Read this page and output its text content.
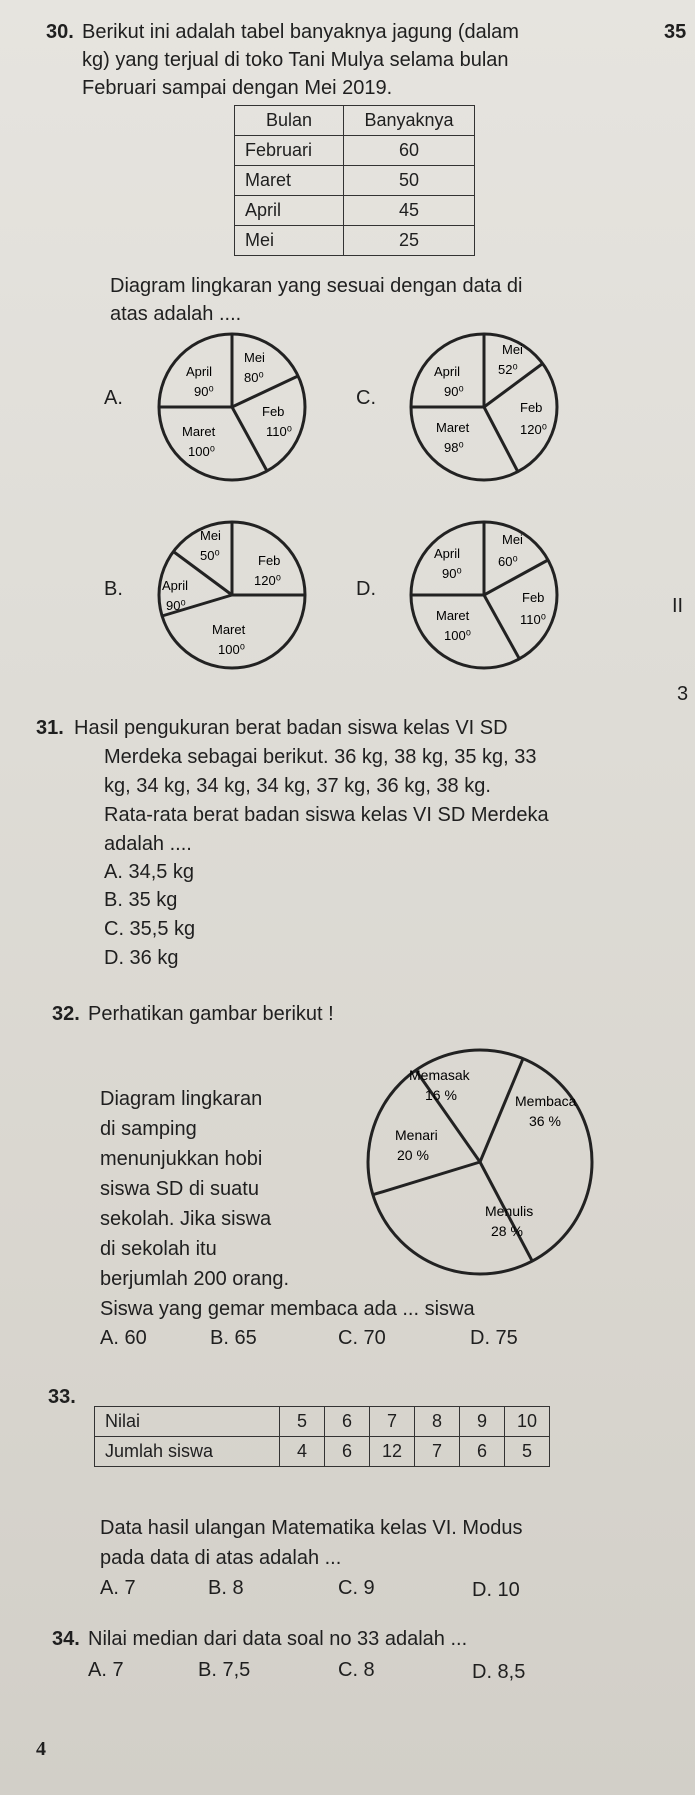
35
30. Berikut ini adalah tabel banyaknya jagung (dalam
kg) yang terjual di toko Tani Mulya selama bulan
Februari sampai dengan Mei 2019.
Bulan	Banyaknya
Februari	60
Maret	50
April	45
Mei	25
Diagram lingkaran yang sesuai dengan data di
atas adalah ....
A.
Mei
80⁰
April
90⁰
Feb
110⁰
Maret
100⁰
C.
Mei
52⁰
April
90⁰
Feb
120⁰
Maret
98⁰
B.
Mei
50⁰	Feb
120⁰
April
90⁰
Maret
100⁰
D.
April
90⁰
Mei
60⁰
Feb
110⁰
Maret
100⁰
II
3
31. Hasil pengukuran berat badan siswa kelas VI SD
Merdeka sebagai berikut. 36 kg, 38 kg, 35 kg, 33
kg, 34 kg, 34 kg, 34 kg, 37 kg, 36 kg, 38 kg.
Rata-rata berat badan siswa kelas VI SD Merdeka
adalah ....
A. 34,5 kg
B. 35 kg
C. 35,5 kg
D. 36 kg
32. Perhatikan gambar berikut !
Diagram lingkaran
di samping
menunjukkan hobi
siswa SD di suatu
sekolah. Jika siswa
di sekolah itu
berjumlah 200 orang.
Memasak
16 %	Membaca
36 %
Menulis
28 %
Menari
20 %
Siswa yang gemar membaca ada ... siswa
A. 60	B. 65	C. 70	D. 75
33.
Nilai	5	6	7	8	9	10
Jumlah siswa	4	6	12	7	6	5
Data hasil ulangan Matematika kelas VI. Modus
pada data di atas adalah ...
A. 7	B. 8	C. 9	D. 10
34. Nilai median dari data soal no 33 adalah ...
A. 7	B. 7,5	C. 8	D. 8,5
4
